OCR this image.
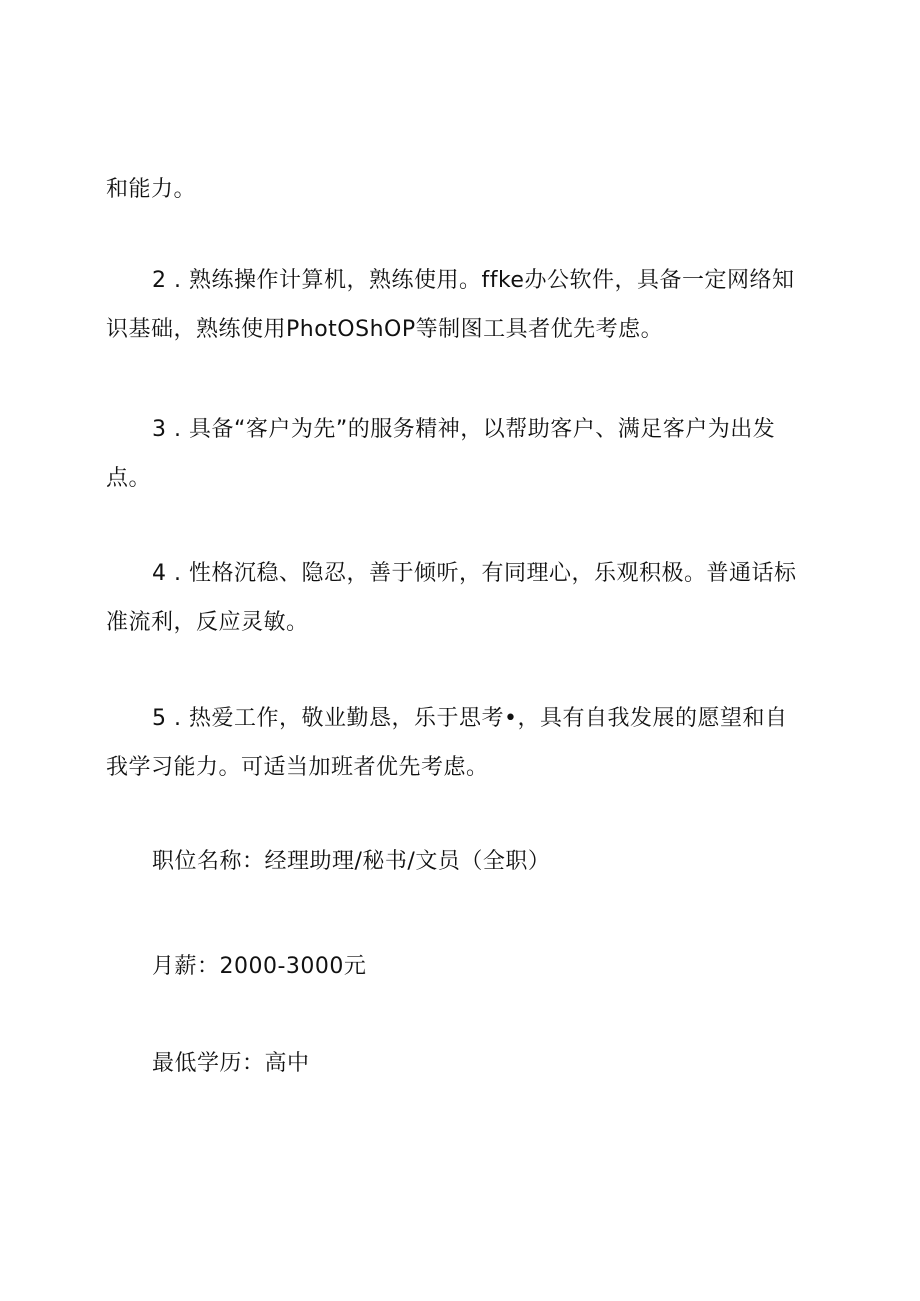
和能力。

2 . 熟练操作计算机，熟练使用。ffke办公软件，具备一定网络知
识基础，熟练使用PhotOShOP等制图工具者优先考虑。

3 . 具备“客户为先”的服务精神，以帮助客户、满足客户为出发
点。

4 . 性格沉稳、隐忍，善于倾听，有同理心，乐观积极。普通话标
准流利，反应灵敏。

5 . 热爱工作，敬业勤恳，乐于思考•，具有自我发展的愿望和自
我学习能力。可适当加班者优先考虑。

职位名称：经理助理/秘书/文员（全职）

月薪：2000-3000元

最低学历：高中
